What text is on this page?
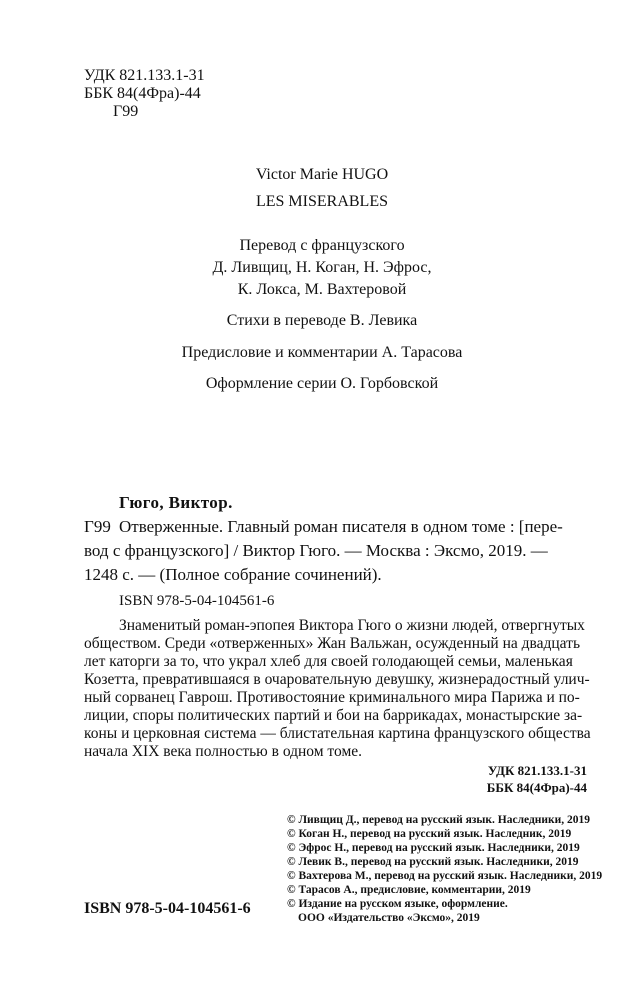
УДК 821.133.1-31
ББК 84(4Фра)-44
Г99
Victor Marie HUGO
LES MISERABLES
Перевод с французского
Д. Ливщиц, Н. Коган, Н. Эфрос,
К. Локса, М. Вахтеровой
Стихи в переводе В. Левика
Предисловие и комментарии А. Тарасова
Оформление серии О. Горбовской
Гюго, Виктор.
Г99 Отверженные. Главный роман писателя в одном томе : [пере-
вод с французского] / Виктор Гюго. — Москва : Эксмо, 2019. —
1248 с. — (Полное собрание сочинений).
ISBN 978-5-04-104561-6
Знаменитый роман-эпопея Виктора Гюго о жизни людей, отвергнутых
обществом. Среди «отверженных» Жан Вальжан, осужденный на двадцать
лет каторги за то, что украл хлеб для своей голодающей семьи, маленькая
Козетта, превратившаяся в очаровательную девушку, жизнерадостный улич-
ный сорванец Гаврош. Противостояние криминального мира Парижа и по-
лиции, споры политических партий и бои на баррикадах, монастырские за-
коны и церковная система — блистательная картина французского общества
начала XIX века полностью в одном томе.
УДК 821.133.1-31
ББК 84(4Фра)-44
© Ливщиц Д., перевод на русский язык. Наследники, 2019
© Коган Н., перевод на русский язык. Наследник, 2019
© Эфрос Н., перевод на русский язык. Наследники, 2019
© Левик В., перевод на русский язык. Наследники, 2019
© Вахтерова М., перевод на русский язык. Наследники, 2019
© Тарасов А., предисловие, комментарии, 2019
© Издание на русском языке, оформление.
ООО «Издательство «Эксмо», 2019
ISBN 978-5-04-104561-6
